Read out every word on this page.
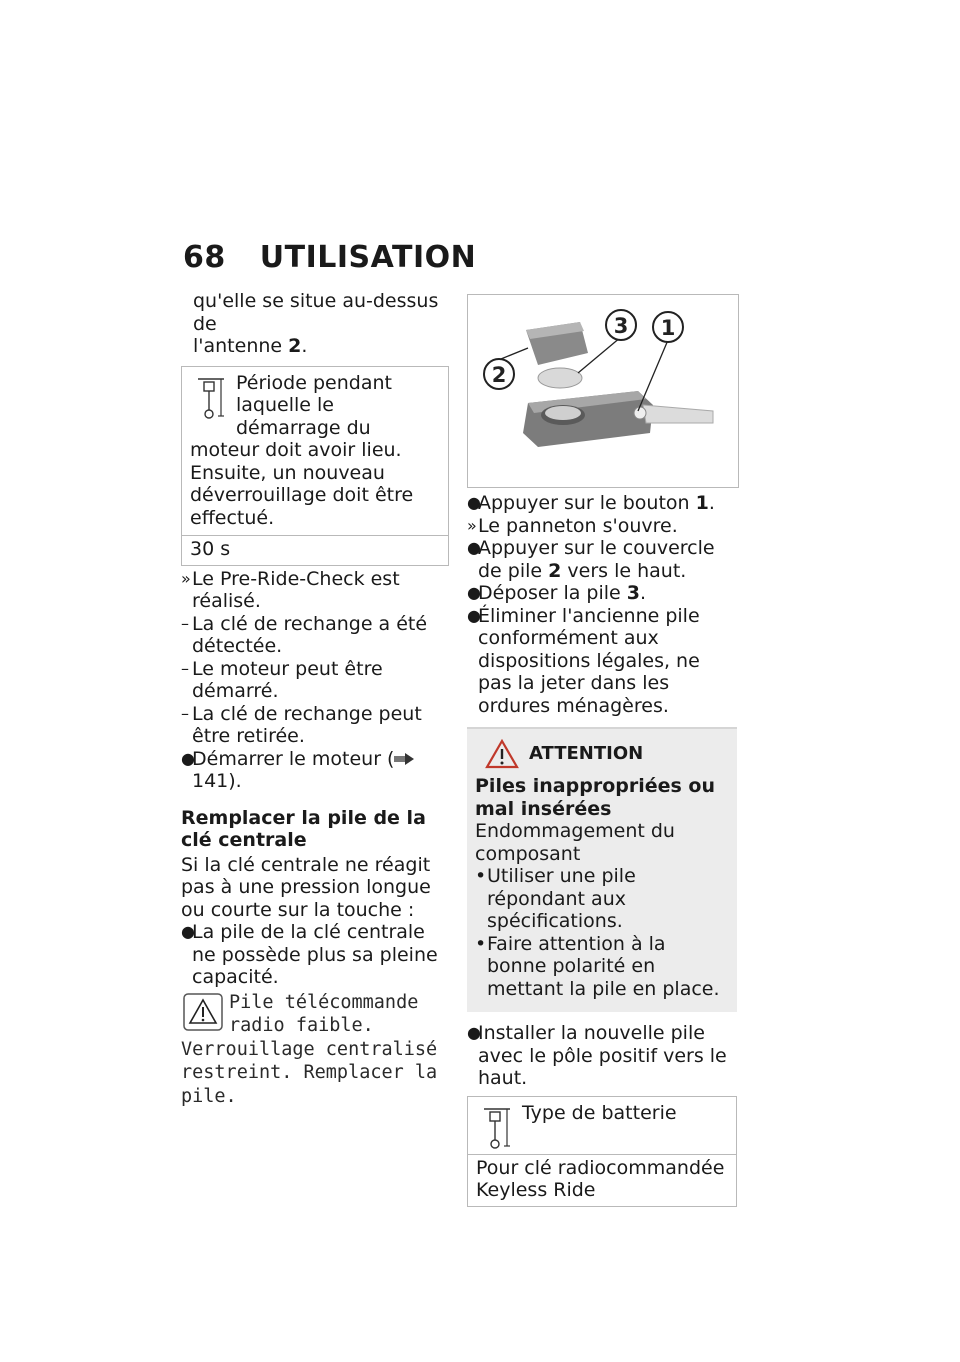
68 UTILISATION

qu'elle se situe au-dessus de
l'antenne 2.

Période pendant laquelle le démarrage du moteur doit avoir lieu. Ensuite, un nouveau déverrouillage doit être effectué.
30 s
» Le Pre-Ride-Check est réalisé.
– La clé de rechange a été détectée.
– Le moteur peut être démarré.
– La clé de rechange peut être retirée.
●
Démarrer le moteur ( 141).

Remplacer la pile de la clé centrale

Si la clé centrale ne réagit pas à une pression longue ou courte sur la touche :

●
La pile de la clé centrale ne possède plus sa pleine capacité.
Pile télécommande radio faible. Verrouillage centralisé restreint. Remplacer la pile.
3 1
2
●
Appuyer sur le bouton 1.
» Le panneton s'ouvre.
●
Appuyer sur le couvercle de pile 2 vers le haut.
●
Déposer la pile 3.
●
Éliminer l'ancienne pile conformément aux dispositions légales, ne pas la jeter dans les ordures ménagères.
ATTENTION

Piles inappropriées ou mal insérées

Endommagement du composant

• Utiliser une pile répondant aux spécifications.
• Faire attention à la bonne polarité en mettant la pile en place.
●
Installer la nouvelle pile avec le pôle positif vers le haut.
Type de batterie
Pour clé radiocommandée Keyless Ride
